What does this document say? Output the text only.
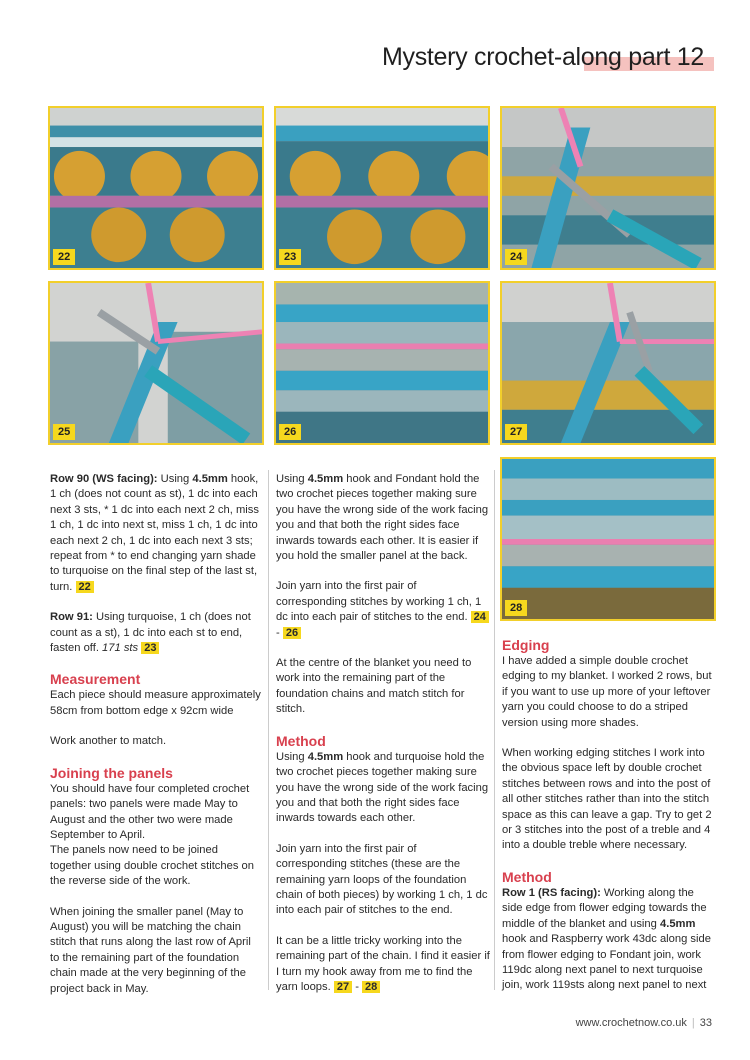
Mystery crochet-along part 12
22	23	24
25	26	27
28

Row 90 (WS facing): Using 4.5mm hook, 1 ch (does not count as st), 1 dc into each next 3 sts, * 1 dc into each next 2 ch, miss 1 ch, 1 dc into next st, miss 1 ch, 1 dc into each next 2 ch, 1 dc into each next 3 sts; repeat from * to end changing yarn shade to turquoise on the final step of the last st, turn. 22

Row 91: Using turquoise, 1 ch (does not count as a st), 1 dc into each st to end, fasten off. 171 sts 23

Measurement

Each piece should measure approximately 58cm from bottom edge x 92cm wide

Work another to match.

Joining the panels

You should have four completed crochet panels: two panels were made May to August and the other two were made September to April.

The panels now need to be joined together using double crochet stitches on the reverse side of the work.

When joining the smaller panel (May to August) you will be matching the chain stitch that runs along the last row of April to the remaining part of the foundation chain made at the very beginning of the project back in May.

Using 4.5mm hook and Fondant hold the two crochet pieces together making sure you have the wrong side of the work facing you and that both the right sides face inwards towards each other. It is easier if you hold the smaller panel at the back.

Join yarn into the first pair of corresponding stitches by working 1 ch, 1 dc into each pair of stitches to the end. 24 - 26

At the centre of the blanket you need to work into the remaining part of the foundation chains and match stitch for stitch.

Method

Using 4.5mm hook and turquoise hold the two crochet pieces together making sure you have the wrong side of the work facing you and that both the right sides face inwards towards each other.

Join yarn into the first pair of corresponding stitches (these are the remaining yarn loops of the foundation chain of both pieces) by working 1 ch, 1 dc into each pair of stitches to the end.

It can be a little tricky working into the remaining part of the chain. I find it easier if I turn my hook away from me to find the yarn loops. 27 - 28

Edging

I have added a simple double crochet edging to my blanket. I worked 2 rows, but if you want to use up more of your leftover yarn you could choose to do a striped version using more shades.

When working edging stitches I work into the obvious space left by double crochet stitches between rows and into the post of all other stitches rather than into the stitch space as this can leave a gap. Try to get 2 or 3 stitches into the post of a treble and 4 into a double treble where necessary.

Method

Row 1 (RS facing): Working along the side edge from flower edging towards the middle of the blanket and using 4.5mm hook and Raspberry work 43dc along side from flower edging to Fondant join, work 119dc along next panel to next turquoise join, work 119sts along next panel to next

www.crochetnow.co.uk | 33
